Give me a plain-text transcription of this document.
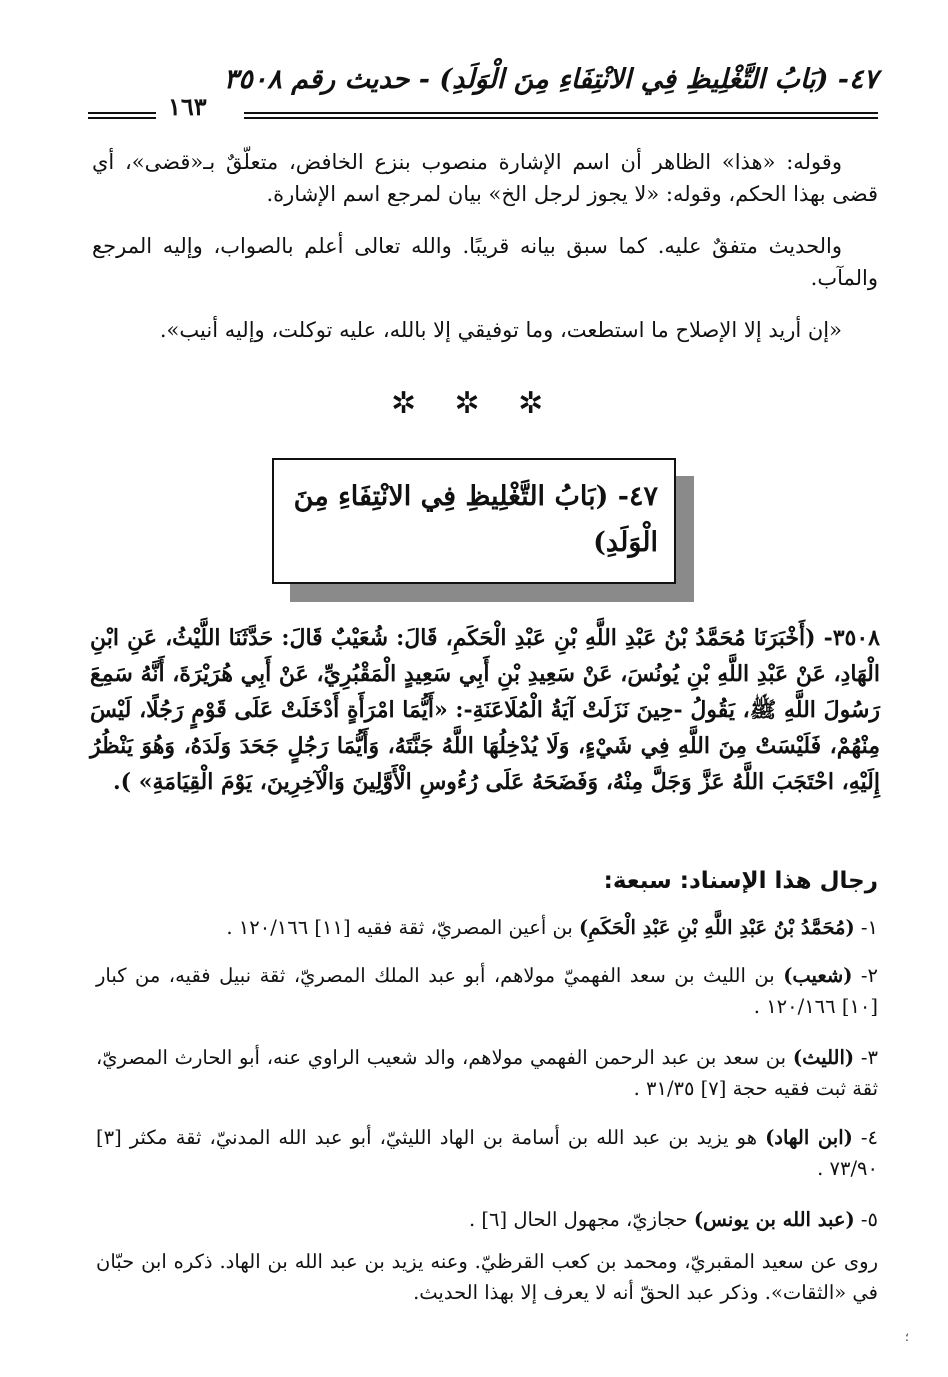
٤٧- (بَابُ التَّغْلِيظِ فِي الانْتِفَاءِ مِنَ الْوَلَدِ) - حديث رقم ٣٥٠٨
١٦٣

وقوله: «هذا» الظاهر أن اسم الإشارة منصوب بنزع الخافض، متعلّقٌ بـ«قضى»، أي قضى بهذا الحكم، وقوله: «لا يجوز لرجل الخ» بيان لمرجع اسم الإشارة.

والحديث متفقٌ عليه. كما سبق بيانه قريبًا. والله تعالى أعلم بالصواب، وإليه المرجع والمآب.

«إن أريد إلا الإصلاح ما استطعت، وما توفيقي إلا بالله، عليه توكلت، وإليه أنيب».

✲ ✲ ✲
٤٧- (بَابُ التَّغْلِيظِ فِي الانْتِفَاءِ مِنَ الْوَلَدِ)

٣٥٠٨- (أَخْبَرَنَا مُحَمَّدُ بْنُ عَبْدِ اللَّهِ بْنِ عَبْدِ الْحَكَمِ، قَالَ: شُعَيْبٌ قَالَ: حَدَّثَنَا اللَّيْثُ، عَنِ ابْنِ الْهَادِ، عَنْ عَبْدِ اللَّهِ بْنِ يُونُسَ، عَنْ سَعِيدِ بْنِ أَبِي سَعِيدٍ الْمَقْبُرِيِّ، عَنْ أَبِي هُرَيْرَةَ، أَنَّهُ سَمِعَ رَسُولَ اللَّهِ ﷺ، يَقُولُ -حِينَ نَزَلَتْ آيَةُ الْمُلَاعَنَةِ-: «أَيُّمَا امْرَأَةٍ أَدْخَلَتْ عَلَى قَوْمٍ رَجُلًا، لَيْسَ مِنْهُمْ، فَلَيْسَتْ مِنَ اللَّهِ فِي شَيْءٍ، وَلَا يُدْخِلُهَا اللَّهُ جَنَّتَهُ، وَأَيُّمَا رَجُلٍ جَحَدَ وَلَدَهُ، وَهُوَ يَنْظُرُ إِلَيْهِ، احْتَجَبَ اللَّهُ عَزَّ وَجَلَّ مِنْهُ، وَفَضَحَهُ عَلَى رُءُوسِ الْأَوَّلِينَ وَالْآخِرِينَ، يَوْمَ الْقِيَامَةِ» ).

رجال هذا الإسناد: سبعة:

١- (مُحَمَّدُ بْنُ عَبْدِ اللَّهِ بْنِ عَبْدِ الْحَكَمِ) بن أعين المصريّ، ثقة فقيه [١١] ١٢٠/١٦٦ .

٢- (شعيب) بن الليث بن سعد الفهميّ مولاهم، أبو عبد الملك المصريّ، ثقة نبيل فقيه، من كبار [١٠] ١٢٠/١٦٦ .

٣- (الليث) بن سعد بن عبد الرحمن الفهمي مولاهم، والد شعيب الراوي عنه، أبو الحارث المصريّ، ثقة ثبت فقيه حجة [٧] ٣١/٣٥ .

٤- (ابن الهاد) هو يزيد بن عبد الله بن أسامة بن الهاد الليثيّ، أبو عبد الله المدنيّ، ثقة مكثر [٣] ٧٣/٩٠ .

٥- (عبد الله بن يونس) حجازيّ، مجهول الحال [٦] .

روى عن سعيد المقبريّ، ومحمد بن كعب القرظيّ. وعنه يزيد بن عبد الله بن الهاد. ذكره ابن حبّان في «الثقات». وذكر عبد الحقّ أنه لا يعرف إلا بهذا الحديث.

؛
